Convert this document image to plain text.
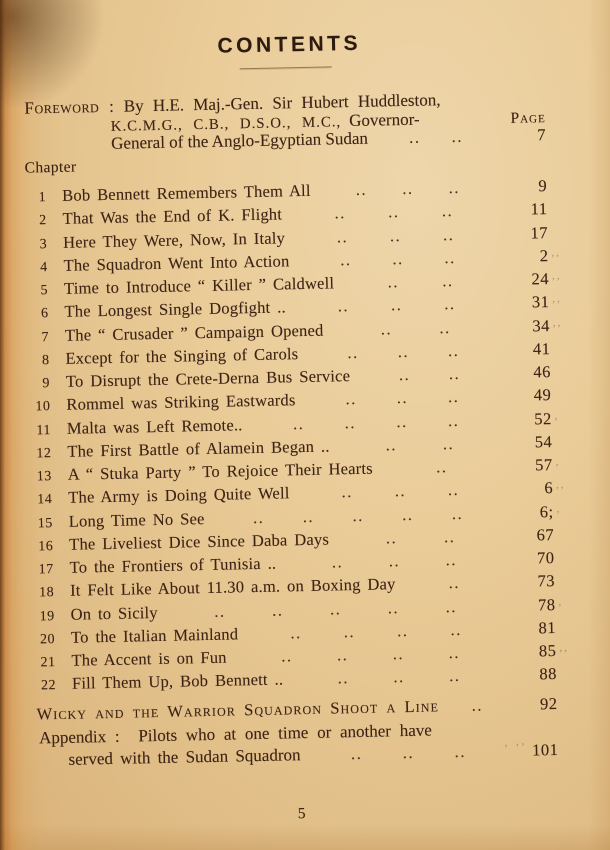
CONTENTS
Foreword : By H.E. Maj.-Gen. Sir Hubert Huddleston,
K.C.M.G., C.B., D.S.O., M.C., Governor-	Page
General of the Anglo-Egyptian Sudan .. ..	7
Chapter
1 Bob Bennett Remembers Them All	.. .. ..	9
2 That Was the End of K. Flight	..	..	..	11
3 Here They Were, Now, In Italy	..	..	..	17
4 The Squadron Went Into Action	.. .. ..	2 ,,
5 Time to Introduce “ Killer ” Caldwell	..	..	24 ,,
6 The Longest Single Dogfight ..	..	..	..	31 ,,
7 The “ Crusader ” Campaign Opened	..	..	34 ,,
8 Except for the Singing of Carols	.. .. ..	41
9 To Disrupt the Crete-Derna Bus Service	.. ..	46
10 Rommel was Striking Eastwards	.. .. ..	49
11 Malta was Left Remote..	.. .. .. ..	52 ,
12 The First Battle of Alamein Began ..	..	..	54
13 A “ Stuka Party ” To Rejoice Their Hearts	..	57 ,
14 The Army is Doing Quite Well	..	..	..	6 ,,
15 Long Time No See	.. .. .. .. ..	6; ,
16 The Liveliest Dice Since Daba Days	..	..	67
17 To the Frontiers of Tunisia ..	..	..	..	70
18 It Felt Like About 11.30 a.m. on Boxing Day	..	73
19 On to Sicily	..	..	..	..	..	78 ,
20 To the Italian Mainland	..	..	..	..	81
21 The Accent is on Fun	..	..	..	..	85 ,,
22 Fill Them Up, Bob Bennett ..	..	..	..	88
Wicky and the Warrior Squadron Shoot a Line ..	92
Appendix : Pilots who at one time or another have
served with the Sudan Squadron	.. .. ..	101
, ,,
5
